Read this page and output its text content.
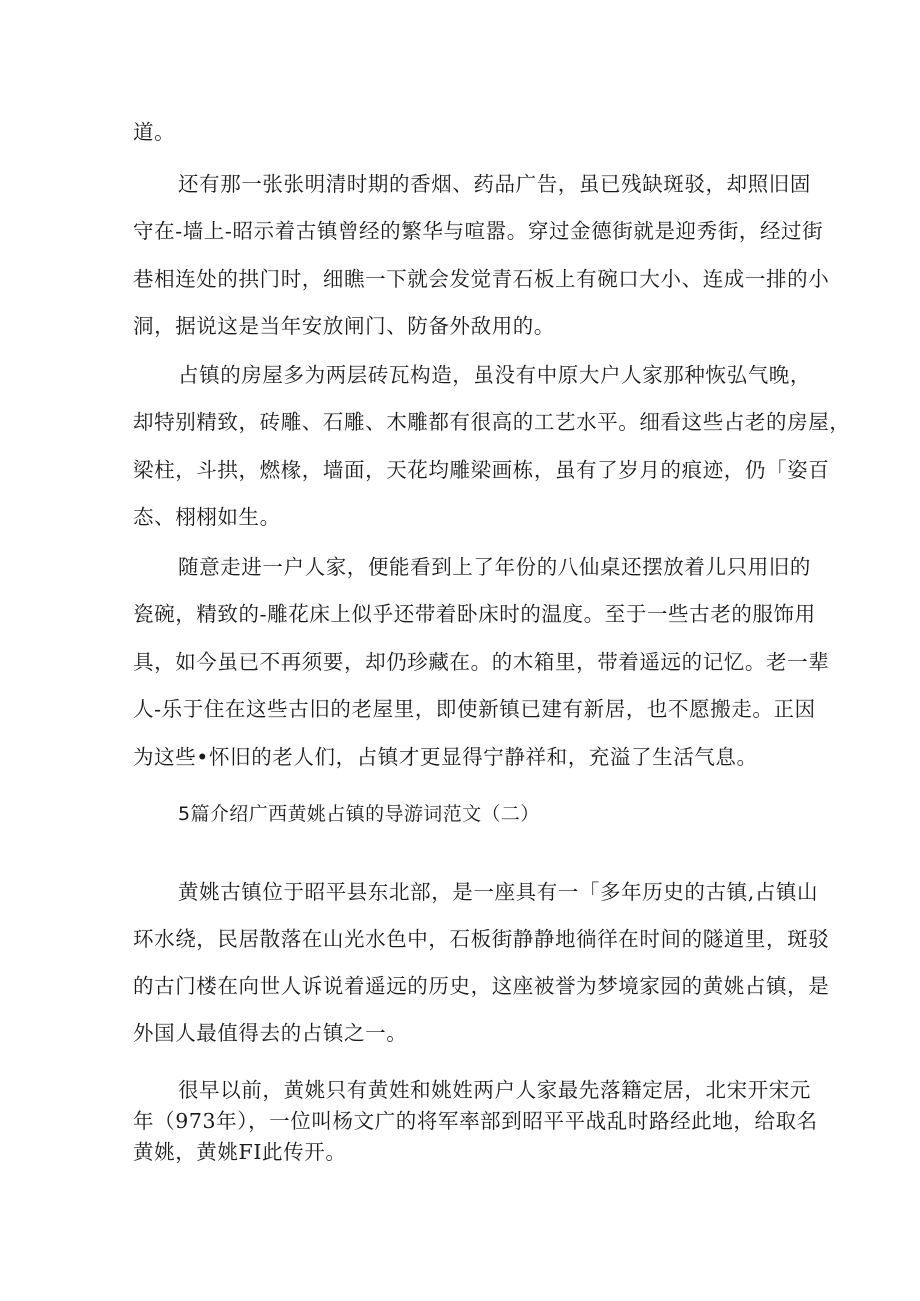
道。

还有那一张张明清时期的香烟、药品广告，虽已残缺斑驳，却照旧固

守在-墙上-昭示着古镇曾经的繁华与喧嚣。穿过金德街就是迎秀街，经过街

巷相连处的拱门时，细瞧一下就会发觉青石板上有碗口大小、连成一排的小

洞，据说这是当年安放闸门、防备外敌用的。

占镇的房屋多为两层砖瓦构造，虽没有中原大户人家那种恢弘气晚，

却特别精致，砖雕、石雕、木雕都有很高的工艺水平。细看这些占老的房屋，

梁柱，斗拱，燃椽，墙面，天花均雕梁画栋，虽有了岁月的痕迹，仍「姿百

态、栩栩如生。

随意走进一户人家，便能看到上了年份的八仙桌还摆放着儿只用旧的

瓷碗，精致的-雕花床上似乎还带着卧床时的温度。至于一些古老的服饰用

具，如今虽已不再须要，却仍珍藏在。的木箱里，带着遥远的记忆。老一辈

人-乐于住在这些古旧的老屋里，即使新镇已建有新居，也不愿搬走。正因

为这些•怀旧的老人们，占镇才更显得宁静祥和，充溢了生活气息。

5篇介绍广西黄姚占镇的导游词范文（二）

黄姚古镇位于昭平县东北部，是一座具有一「多年历史的古镇,占镇山

环水绕，民居散落在山光水色中，石板街静静地徜徉在时间的隧道里，斑驳

的古门楼在向世人诉说着遥远的历史，这座被誉为梦境家园的黄姚占镇，是

外国人最值得去的占镇之一。

很早以前，黄姚只有黄姓和姚姓两户人家最先落籍定居，北宋开宋元

年（973年），一位叫杨文广的将军率部到昭平平战乱时路经此地，给取名

黄姚，黄姚FI此传开。
